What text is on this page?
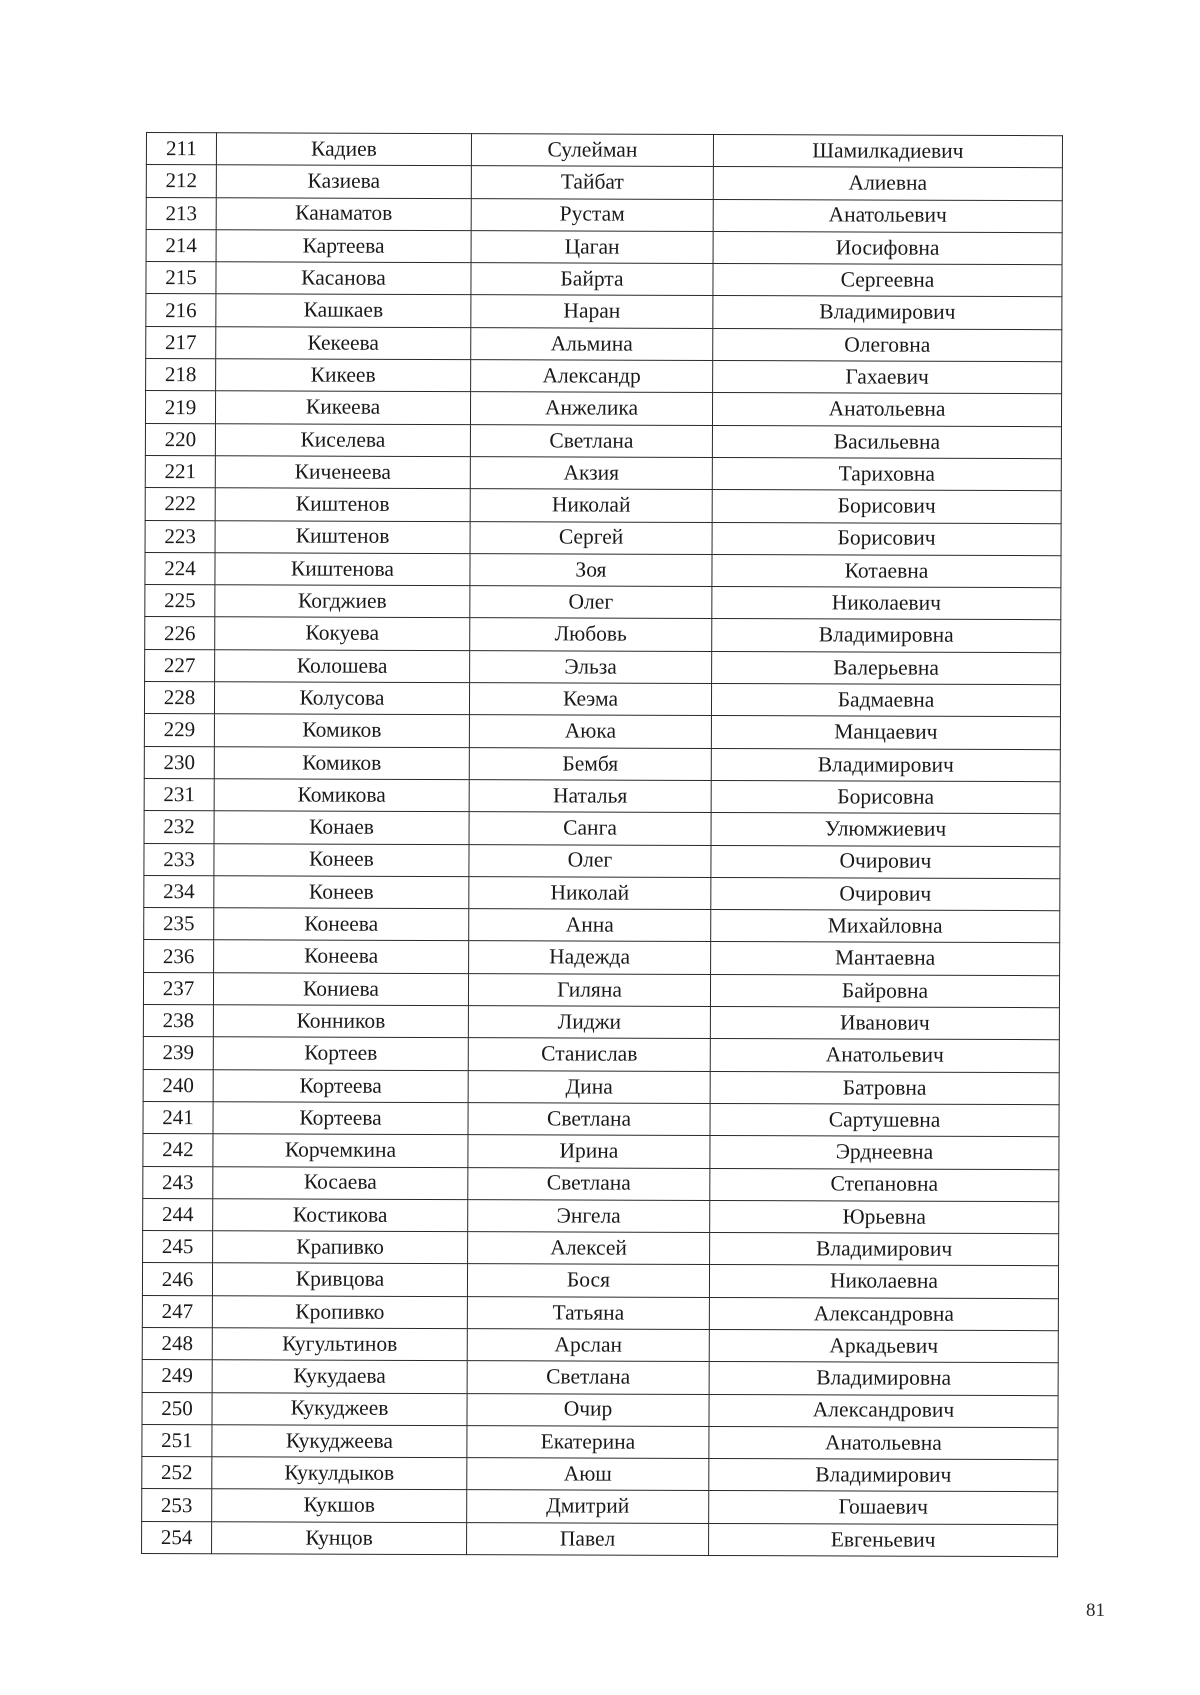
211	Кадиев	Сулейман	Шамилкадиевич
212	Казиева	Тайбат	Алиевна
213	Канаматов	Рустам	Анатольевич
214	Картеева	Цаган	Иосифовна
215	Касанова	Байрта	Сергеевна
216	Кашкаев	Наран	Владимирович
217	Кекеева	Альмина	Олеговна
218	Кикеев	Александр	Гахаевич
219	Кикеева	Анжелика	Анатольевна
220	Киселева	Светлана	Васильевна
221	Киченеева	Акзия	Тариховна
222	Киштенов	Николай	Борисович
223	Киштенов	Сергей	Борисович
224	Киштенова	Зоя	Котаевна
225	Когджиев	Олег	Николаевич
226	Кокуева	Любовь	Владимировна
227	Колошева	Эльза	Валерьевна
228	Колусова	Кеэма	Бадмаевна
229	Комиков	Аюка	Манцаевич
230	Комиков	Бембя	Владимирович
231	Комикова	Наталья	Борисовна
232	Конаев	Санга	Улюмжиевич
233	Конеев	Олег	Очирович
234	Конеев	Николай	Очирович
235	Конеева	Анна	Михайловна
236	Конеева	Надежда	Мантаевна
237	Кониева	Гиляна	Байровна
238	Конников	Лиджи	Иванович
239	Кортеев	Станислав	Анатольевич
240	Кортеева	Дина	Батровна
241	Кортеева	Светлана	Сартушевна
242	Корчемкина	Ирина	Эрднеевна
243	Косаева	Светлана	Степановна
244	Костикова	Энгела	Юрьевна
245	Крапивко	Алексей	Владимирович
246	Кривцова	Бося	Николаевна
247	Кропивко	Татьяна	Александровна
248	Кугультинов	Арслан	Аркадьевич
249	Кукудаева	Светлана	Владимировна
250	Кукуджеев	Очир	Александрович
251	Кукуджеева	Екатерина	Анатольевна
252	Кукулдыков	Аюш	Владимирович
253	Кукшов	Дмитрий	Гошаевич
254	Кунцов	Павел	Евгеньевич
81
